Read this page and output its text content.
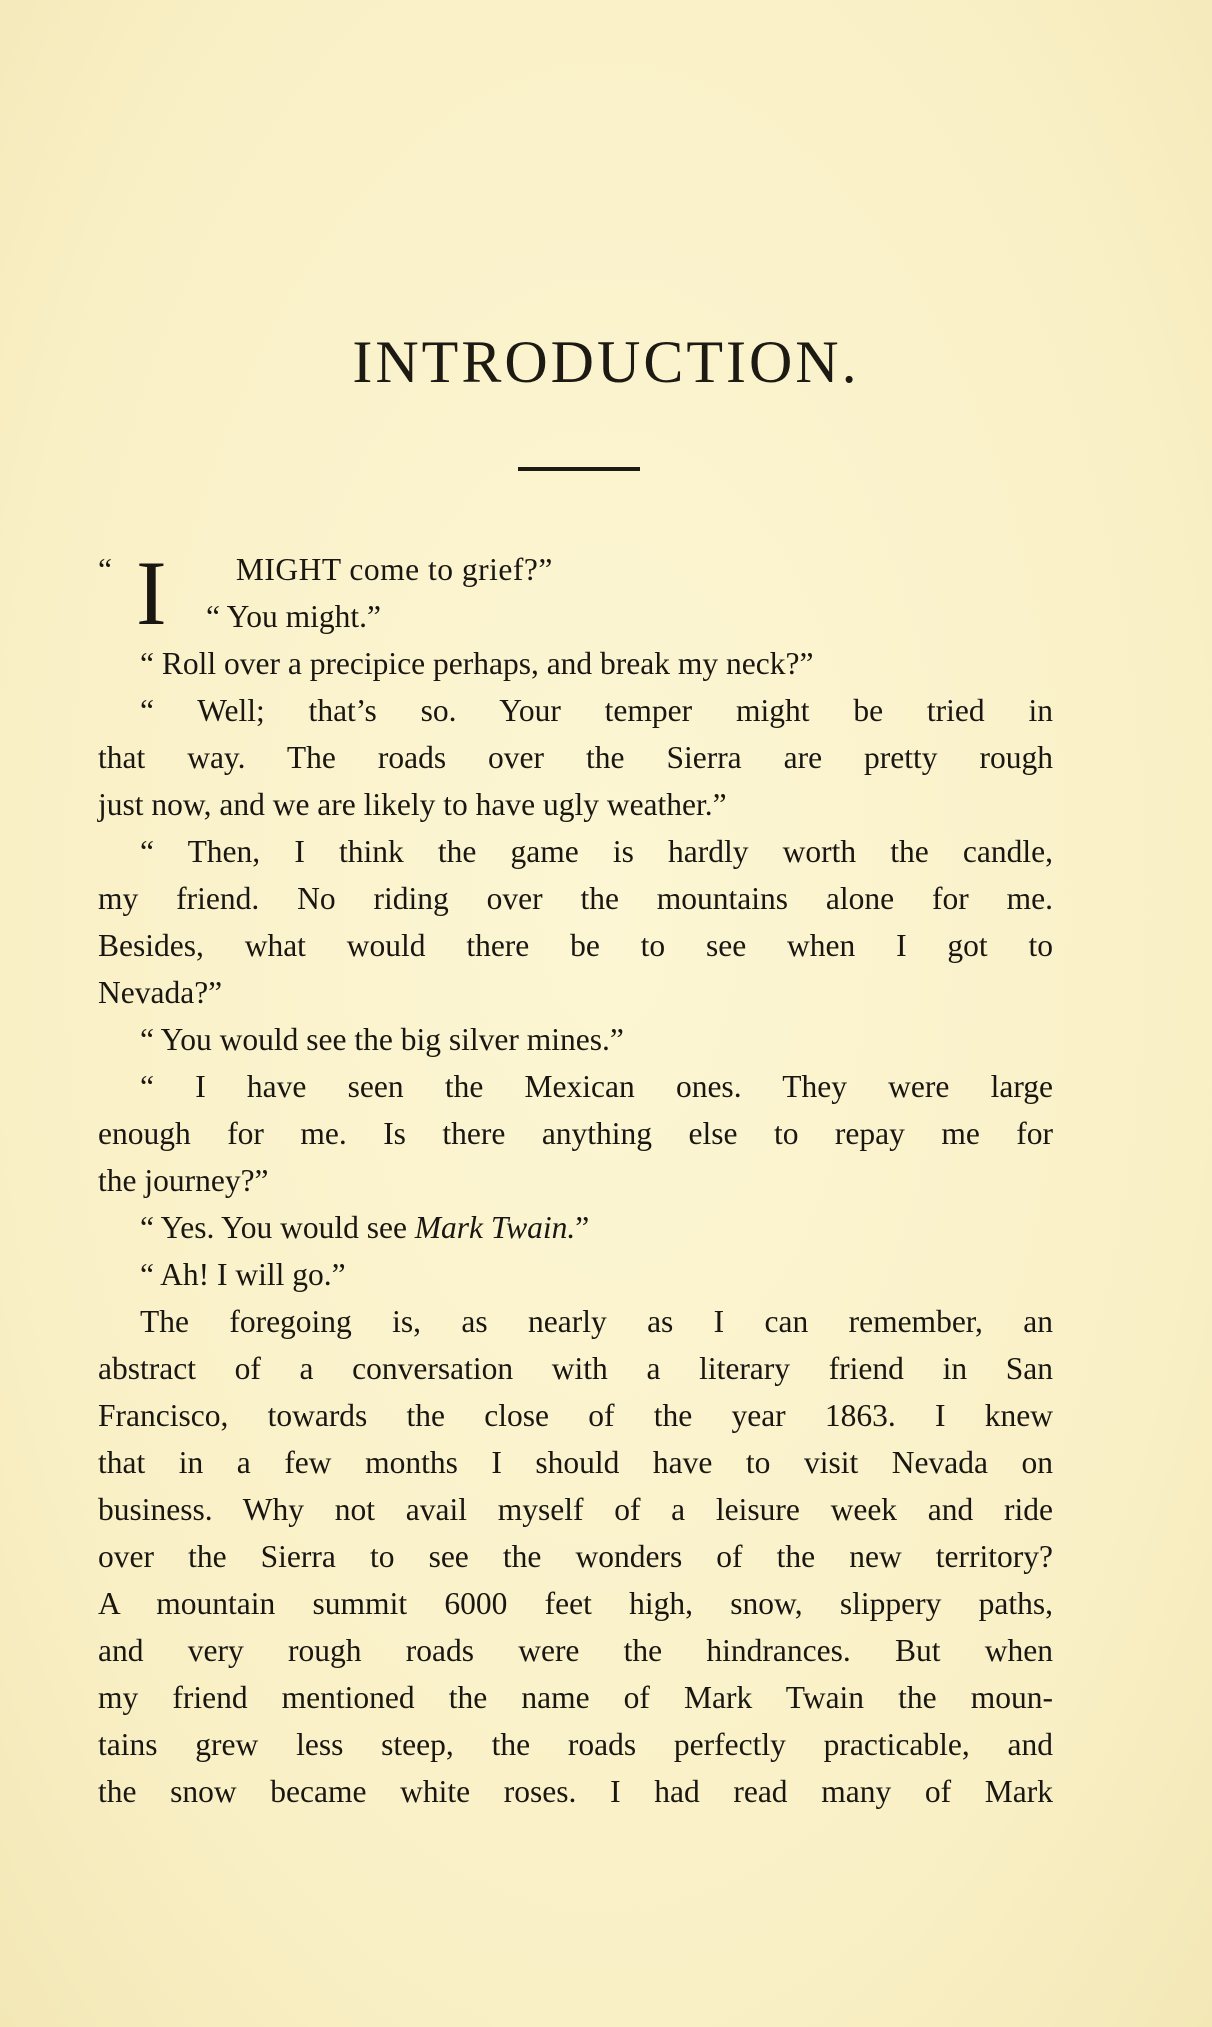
INTRODUCTION.
“ I MIGHT come to grief?”
“ You might.”
“ Roll over a precipice perhaps, and break my neck?”
“ Well; that’s so. Your temper might be tried in
that way. The roads over the Sierra are pretty rough
just now, and we are likely to have ugly weather.”
“ Then, I think the game is hardly worth the candle,
my friend. No riding over the mountains alone for me.
Besides, what would there be to see when I got to
Nevada?”
“ You would see the big silver mines.”
“ I have seen the Mexican ones. They were large
enough for me. Is there anything else to repay me for
the journey?”
“ Yes. You would see Mark Twain.”
“ Ah! I will go.”
The foregoing is, as nearly as I can remember, an
abstract of a conversation with a literary friend in San
Francisco, towards the close of the year 1863. I knew
that in a few months I should have to visit Nevada on
business. Why not avail myself of a leisure week and ride
over the Sierra to see the wonders of the new territory?
A mountain summit 6000 feet high, snow, slippery paths,
and very rough roads were the hindrances. But when
my friend mentioned the name of Mark Twain the moun-
tains grew less steep, the roads perfectly practicable, and
the snow became white roses. I had read many of Mark
